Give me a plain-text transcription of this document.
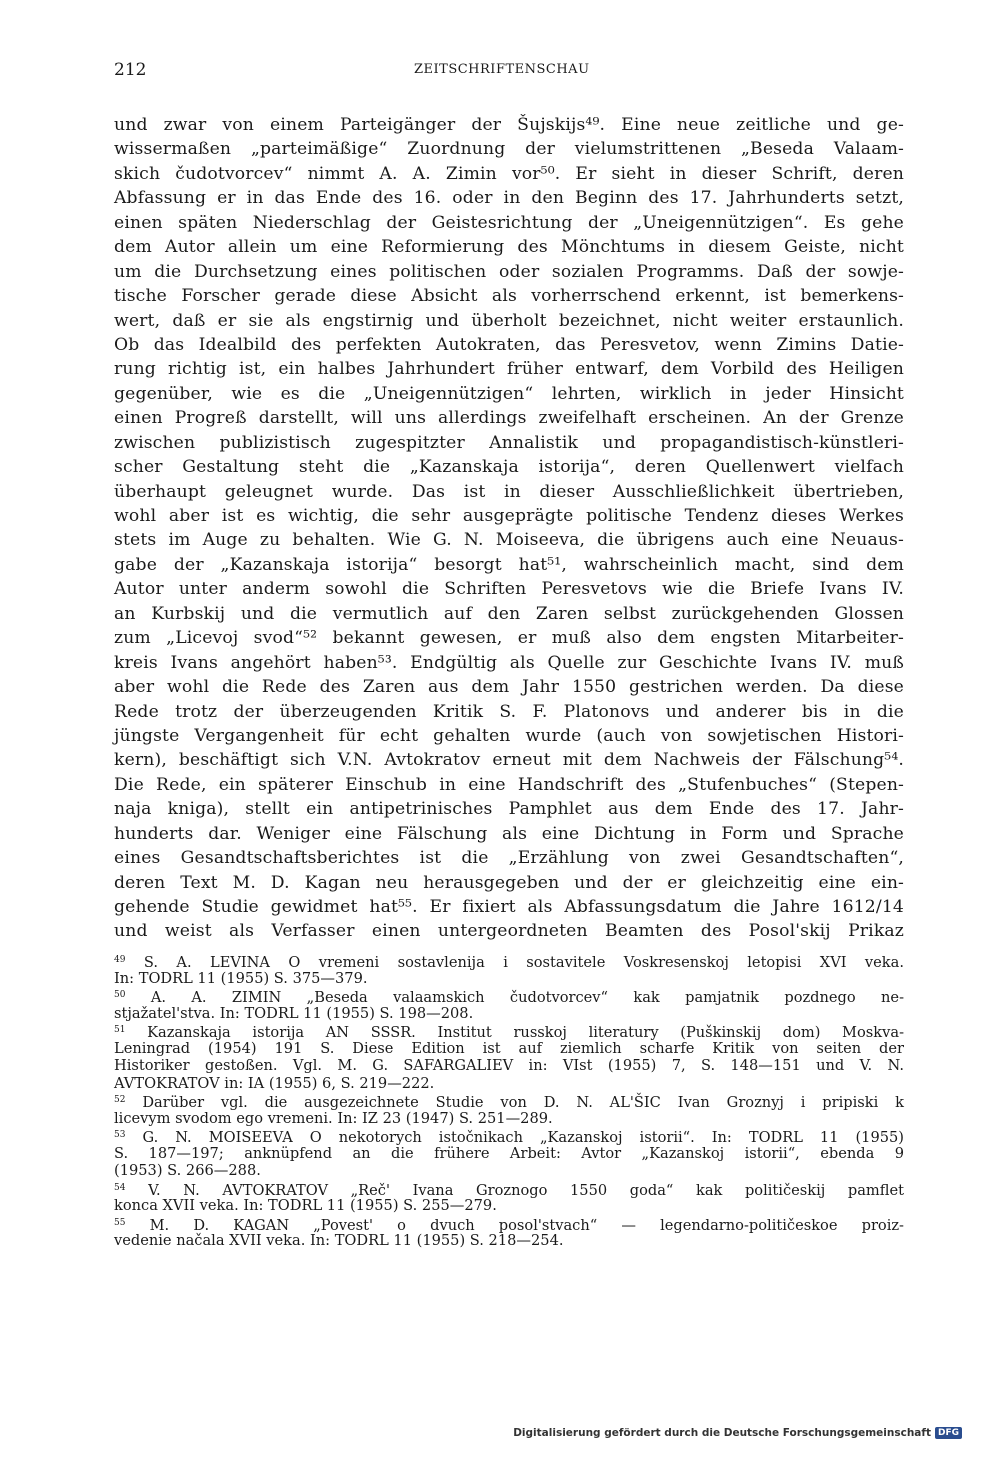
212	ZEITSCHRIFTENSCHAU

und zwar von einem Parteigänger der Šujskijs⁴⁹. Eine neue zeitliche und ge-

wissermaßen „parteimäßige“ Zuordnung der vielumstrittenen „Beseda Valaam-

skich čudotvorcev“ nimmt A. A. Zimin vor⁵⁰. Er sieht in dieser Schrift, deren

Abfassung er in das Ende des 16. oder in den Beginn des 17. Jahrhunderts setzt,

einen späten Niederschlag der Geistesrichtung der „Uneigennützigen“. Es gehe

dem Autor allein um eine Reformierung des Mönchtums in diesem Geiste, nicht

um die Durchsetzung eines politischen oder sozialen Programms. Daß der sowje-

tische Forscher gerade diese Absicht als vorherrschend erkennt, ist bemerkens-

wert, daß er sie als engstirnig und überholt bezeichnet, nicht weiter erstaunlich.

Ob das Idealbild des perfekten Autokraten, das Peresvetov, wenn Zimins Datie-

rung richtig ist, ein halbes Jahrhundert früher entwarf, dem Vorbild des Heiligen

gegenüber, wie es die „Uneigennützigen“ lehrten, wirklich in jeder Hinsicht

einen Progreß darstellt, will uns allerdings zweifelhaft erscheinen. An der Grenze

zwischen publizistisch zugespitzter Annalistik und propagandistisch-künstleri-

scher Gestaltung steht die „Kazanskaja istorija“, deren Quellenwert vielfach

überhaupt geleugnet wurde. Das ist in dieser Ausschließlichkeit übertrieben,

wohl aber ist es wichtig, die sehr ausgeprägte politische Tendenz dieses Werkes

stets im Auge zu behalten. Wie G. N. Moiseeva, die übrigens auch eine Neuaus-

gabe der „Kazanskaja istorija“ besorgt hat⁵¹, wahrscheinlich macht, sind dem

Autor unter anderm sowohl die Schriften Peresvetovs wie die Briefe Ivans IV.

an Kurbskij und die vermutlich auf den Zaren selbst zurückgehenden Glossen

zum „Licevoj svod“⁵² bekannt gewesen, er muß also dem engsten Mitarbeiter-

kreis Ivans angehört haben⁵³. Endgültig als Quelle zur Geschichte Ivans IV. muß

aber wohl die Rede des Zaren aus dem Jahr 1550 gestrichen werden. Da diese

Rede trotz der überzeugenden Kritik S. F. Platonovs und anderer bis in die

jüngste Vergangenheit für echt gehalten wurde (auch von sowjetischen Histori-

kern), beschäftigt sich V.N. Avtokratov erneut mit dem Nachweis der Fälschung⁵⁴.

Die Rede, ein späterer Einschub in eine Handschrift des „Stufenbuches“ (Stepen-

naja kniga), stellt ein antipetrinisches Pamphlet aus dem Ende des 17. Jahr-

hunderts dar. Weniger eine Fälschung als eine Dichtung in Form und Sprache

eines Gesandtschaftsberichtes ist die „Erzählung von zwei Gesandtschaften“,

deren Text M. D. Kagan neu herausgegeben und der er gleichzeitig eine ein-

gehende Studie gewidmet hat⁵⁵. Er fixiert als Abfassungsdatum die Jahre 1612/14

und weist als Verfasser einen untergeordneten Beamten des Posol'skij Prikaz

$^{49}$ S. A. LEVINA O vremeni sostavlenija i sostavitele Voskresenskoj letopisi XVI veka.
In: TODRL 11 (1955) S. 375—379.
$^{50}$ A. A. ZIMIN „Beseda valaamskich čudotvorcev“ kak pamjatnik pozdnego ne-
stjažatel'stva. In: TODRL 11 (1955) S. 198—208.
$^{51}$ Kazanskaja istorija AN SSSR. Institut russkoj literatury (Puškinskij dom) Moskva-
Leningrad (1954) 191 S. Diese Edition ist auf ziemlich scharfe Kritik von seiten der
Historiker gestoßen. Vgl. M. G. SAFARGALIEV in: VIst (1955) 7, S. 148—151 und V. N.
AVTOKRATOV in: IA (1955) 6, S. 219—222.
$^{52}$ Darüber vgl. die ausgezeichnete Studie von D. N. AL'ŠIC Ivan Groznyj i pripiski k
licevym svodom ego vremeni. In: IZ 23 (1947) S. 251—289.
$^{53}$ G. N. MOISEEVA O nekotorych istočnikach „Kazanskoj istorii“. In: TODRL 11 (1955)
S. 187—197; anknüpfend an die frühere Arbeit: Avtor „Kazanskoj istorii“, ebenda 9
(1953) S. 266—288.
$^{54}$ V. N. AVTOKRATOV „Reč' Ivana Groznogo 1550 goda“ kak političeskij pamflet
konca XVII veka. In: TODRL 11 (1955) S. 255—279.
$^{55}$ M. D. KAGAN „Povest' o dvuch posol'stvach“ — legendarno-političeskoe proiz-
vedenie načala XVII veka. In: TODRL 11 (1955) S. 218—254.
Digitalisierung gefördert durch die Deutsche Forschungsgemeinschaft DFG
